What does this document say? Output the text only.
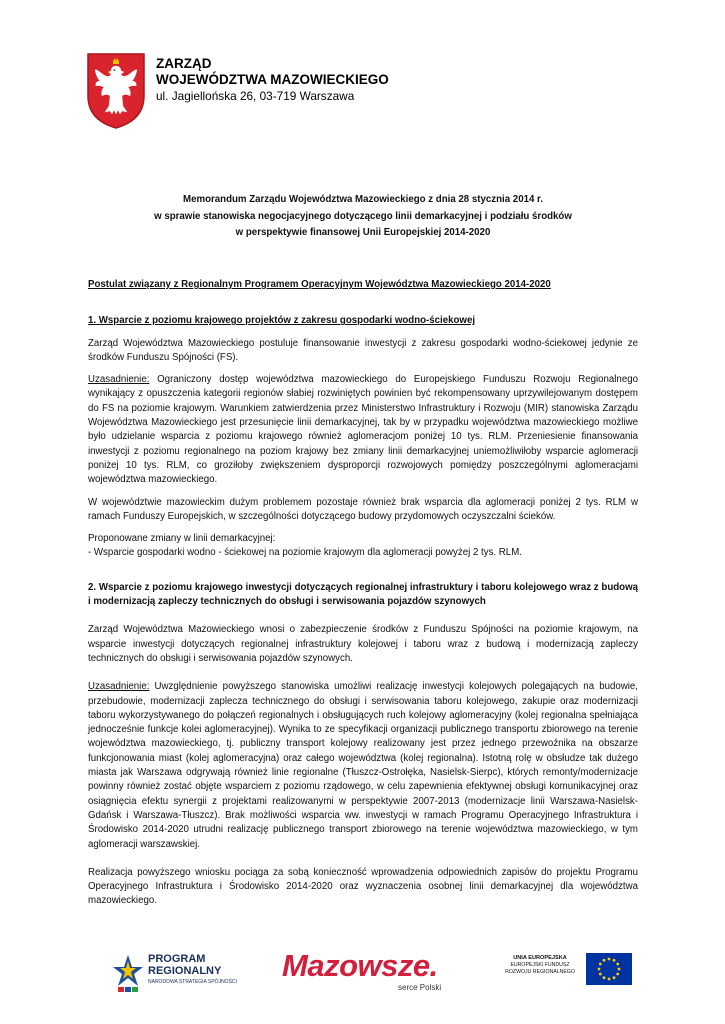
ZARZĄD
WOJEWÓDZTWA MAZOWIECKIEGO
ul. Jagiellońska 26, 03-719 Warszawa
Memorandum Zarządu Województwa Mazowieckiego z dnia 28 stycznia 2014 r.
w sprawie stanowiska negocjacyjnego dotyczącego linii demarkacyjnej i podziału środków
w perspektywie finansowej Unii Europejskiej 2014-2020

Postulat związany z Regionalnym Programem Operacyjnym Województwa Mazowieckiego 2014-2020

1. Wsparcie z poziomu krajowego projektów z zakresu gospodarki wodno-ściekowej

Zarząd Województwa Mazowieckiego postuluje finansowanie inwestycji z zakresu gospodarki wodno-ściekowej jedynie ze środków Funduszu Spójności (FS).

Uzasadnienie: Ograniczony dostęp województwa mazowieckiego do Europejskiego Funduszu Rozwoju Regionalnego wynikający z opuszczenia kategorii regionów słabiej rozwiniętych powinien być rekompensowany uprzywilejowanym dostępem do FS na poziomie krajowym. Warunkiem zatwierdzenia przez Ministerstwo Infrastruktury i Rozwoju (MIR) stanowiska Zarządu Województwa Mazowieckiego jest przesunięcie linii demarkacyjnej, tak by w przypadku województwa mazowieckiego możliwe było udzielanie wsparcia z poziomu krajowego również aglomeracjom poniżej 10 tys. RLM. Przeniesienie finansowania inwestycji z poziomu regionalnego na poziom krajowy bez zmiany linii demarkacyjnej uniemożliwiłoby wsparcie aglomeracji poniżej 10 tys. RLM, co groziłoby zwiększeniem dysproporcji rozwojowych pomiędzy poszczególnymi aglomeracjami województwa mazowieckiego.

W województwie mazowieckim dużym problemem pozostaje również brak wsparcia dla aglomeracji poniżej 2 tys. RLM w ramach Funduszy Europejskich, w szczególności dotyczącego budowy przydomowych oczyszczalni ścieków.

Proponowane zmiany w linii demarkacyjnej:

- Wsparcie gospodarki wodno - ściekowej na poziomie krajowym dla aglomeracji powyżej 2 tys. RLM.

2. Wsparcie z poziomu krajowego inwestycji dotyczących regionalnej infrastruktury i taboru kolejowego wraz z budową i modernizacją zapleczy technicznych do obsługi i serwisowania pojazdów szynowych

Zarząd Województwa Mazowieckiego wnosi o zabezpieczenie środków z Funduszu Spójności na poziomie krajowym, na wsparcie inwestycji dotyczących regionalnej infrastruktury kolejowej i taboru wraz z budową i modernizacją zapleczy technicznych do obsługi i serwisowania pojazdów szynowych.

Uzasadnienie: Uwzględnienie powyższego stanowiska umożliwi realizację inwestycji kolejowych polegających na budowie, przebudowie, modernizacji zaplecza technicznego do obsługi i serwisowania taboru kolejowego, zakupie oraz modernizacji taboru wykorzystywanego do połączeń regionalnych i obsługujących ruch kolejowy aglomeracyjny (kolej regionalna spełniająca jednocześnie funkcje kolei aglomeracyjnej). Wynika to ze specyfikacji organizacji publicznego transportu zbiorowego na terenie województwa mazowieckiego, tj. publiczny transport kolejowy realizowany jest przez jednego przewoźnika na obszarze funkcjonowania miast (kolej aglomeracyjna) oraz całego województwa (kolej regionalna). Istotną rolę w obsłudze tak dużego miasta jak Warszawa odgrywają również linie regionalne (Tłuszcz-Ostrołęka, Nasielsk-Sierpc), których remonty/modernizacje powinny również zostać objęte wsparciem z poziomu rządowego, w celu zapewnienia efektywnej obsługi komunikacyjnej oraz osiągnięcia efektu synergii z projektami realizowanymi w perspektywie 2007-2013 (modernizacje linii Warszawa-Nasielsk-Gdańsk i Warszawa-Tłuszcz). Brak możliwości wsparcia ww. inwestycji w ramach Programu Operacyjnego Infrastruktura i Środowisko 2014-2020 utrudni realizację publicznego transport zbiorowego na terenie województwa mazowieckiego, w tym aglomeracji warszawskiej.

Realizacja powyższego wniosku pociąga za sobą konieczność wprowadzenia odpowiednich zapisów do projektu Programu Operacyjnego Infrastruktura i Środowisko 2014-2020 oraz wyznaczenia osobnej linii demarkacyjnej dla województwa mazowieckiego.

PROGRAM
REGIONALNY
NARODOWA STRATEGIA SPÓJNOŚCI Mazowsze.
serce Polski
UNIA EUROPEJSKA
EUROPEJSKI FUNDUSZ
ROZWOJU REGIONALNEGO
